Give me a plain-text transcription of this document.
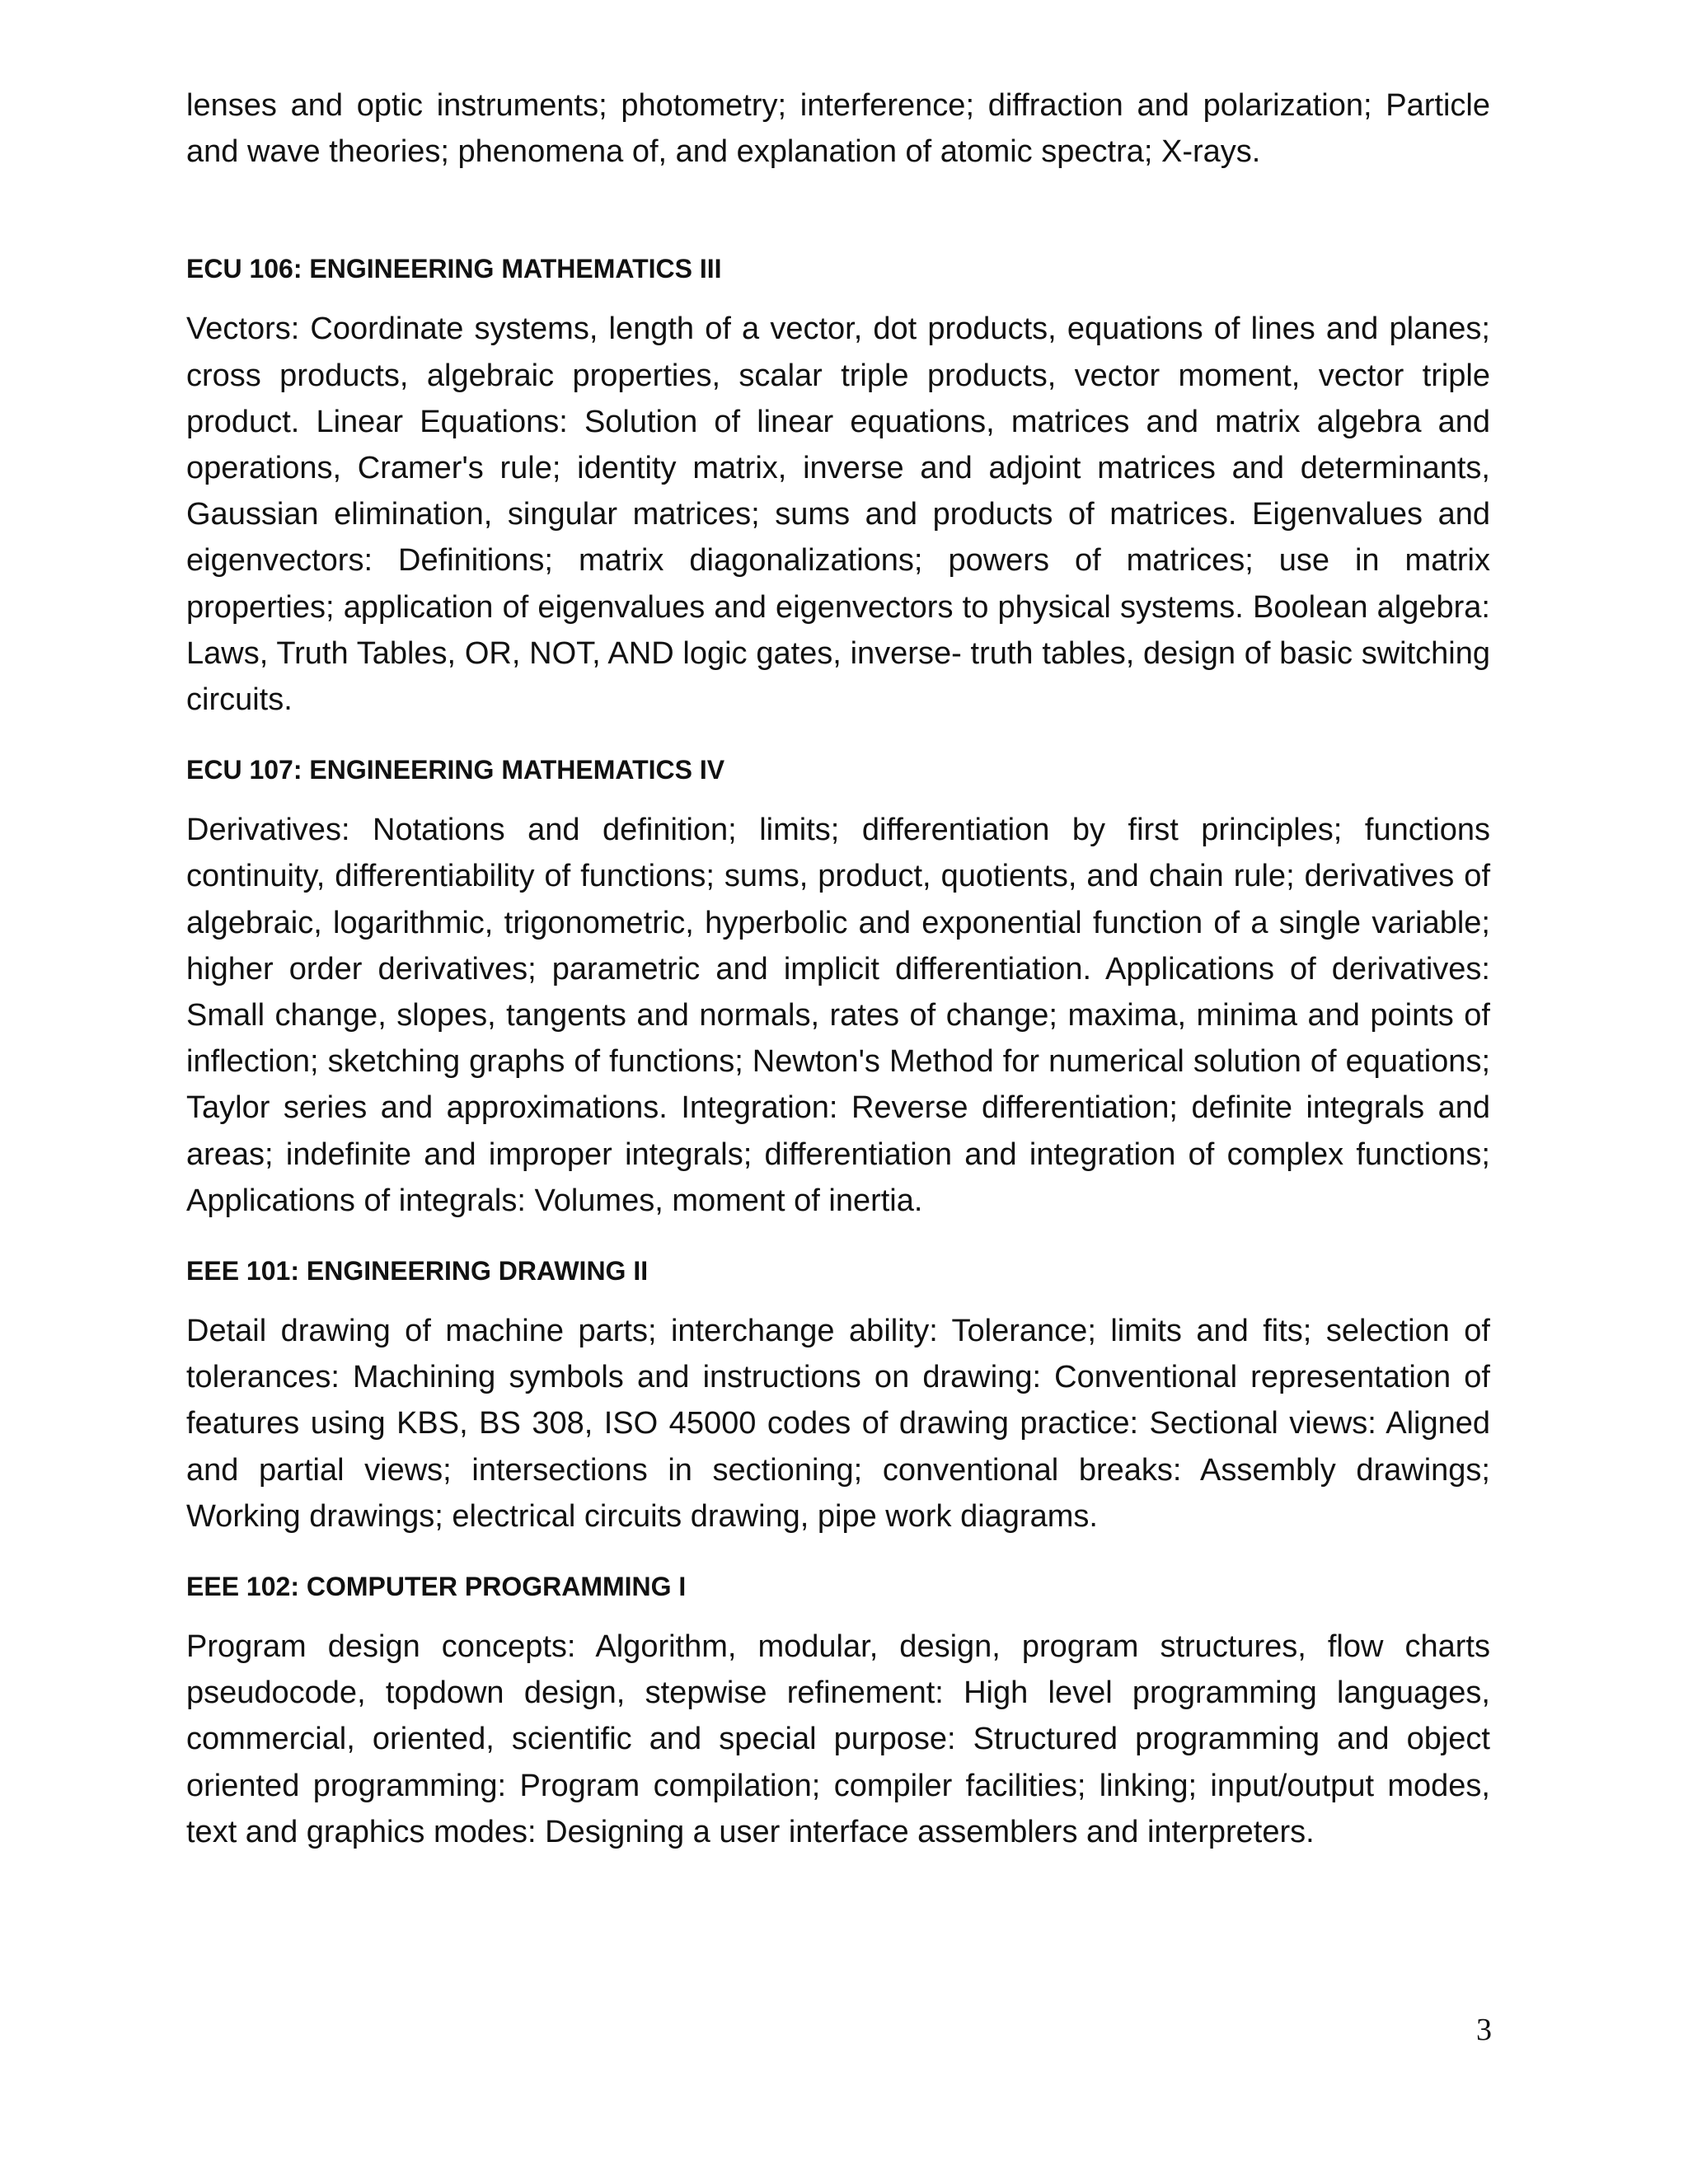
lenses and optic instruments; photometry; interference; diffraction and polarization; Particle and wave theories; phenomena of, and explanation of atomic spectra; X-rays.

ECU 106: ENGINEERING MATHEMATICS III

Vectors: Coordinate systems, length of a vector, dot products, equations of lines and planes; cross products, algebraic properties, scalar triple products, vector moment, vector triple product. Linear Equations: Solution of linear equations, matrices and matrix algebra and operations, Cramer's rule; identity matrix, inverse and adjoint matrices and determinants, Gaussian elimination, singular matrices; sums and products of matrices. Eigenvalues and eigenvectors: Definitions; matrix diagonalizations; powers of matrices; use in matrix properties; application of eigenvalues and eigenvectors to physical systems. Boolean algebra: Laws, Truth Tables, OR, NOT, AND logic gates, inverse- truth tables, design of basic switching circuits.

ECU 107: ENGINEERING MATHEMATICS IV

Derivatives: Notations and definition; limits; differentiation by first principles; functions continuity, differentiability of functions; sums, product, quotients, and chain rule; derivatives of algebraic, logarithmic, trigonometric, hyperbolic and exponential function of a single variable; higher order derivatives; parametric and implicit differentiation. Applications of derivatives: Small change, slopes, tangents and normals, rates of change; maxima, minima and points of inflection; sketching graphs of functions; Newton's Method for numerical solution of equations; Taylor series and approximations. Integration: Reverse differentiation; definite integrals and areas; indefinite and improper integrals; differentiation and integration of complex functions; Applications of integrals: Volumes, moment of inertia.

EEE 101: ENGINEERING DRAWING II

Detail drawing of machine parts; interchange ability: Tolerance; limits and fits; selection of tolerances: Machining symbols and instructions on drawing: Conventional representation of features using KBS, BS 308, ISO 45000 codes of drawing practice: Sectional views: Aligned and partial views; intersections in sectioning; conventional breaks: Assembly drawings; Working drawings; electrical circuits drawing, pipe work diagrams.

EEE 102: COMPUTER PROGRAMMING I

Program design concepts: Algorithm, modular, design, program structures, flow charts pseudocode, topdown design, stepwise refinement: High level programming languages, commercial, oriented, scientific and special purpose: Structured programming and object oriented programming: Program compilation; compiler facilities; linking; input/output modes, text and graphics modes: Designing a user interface assemblers and interpreters.

3
